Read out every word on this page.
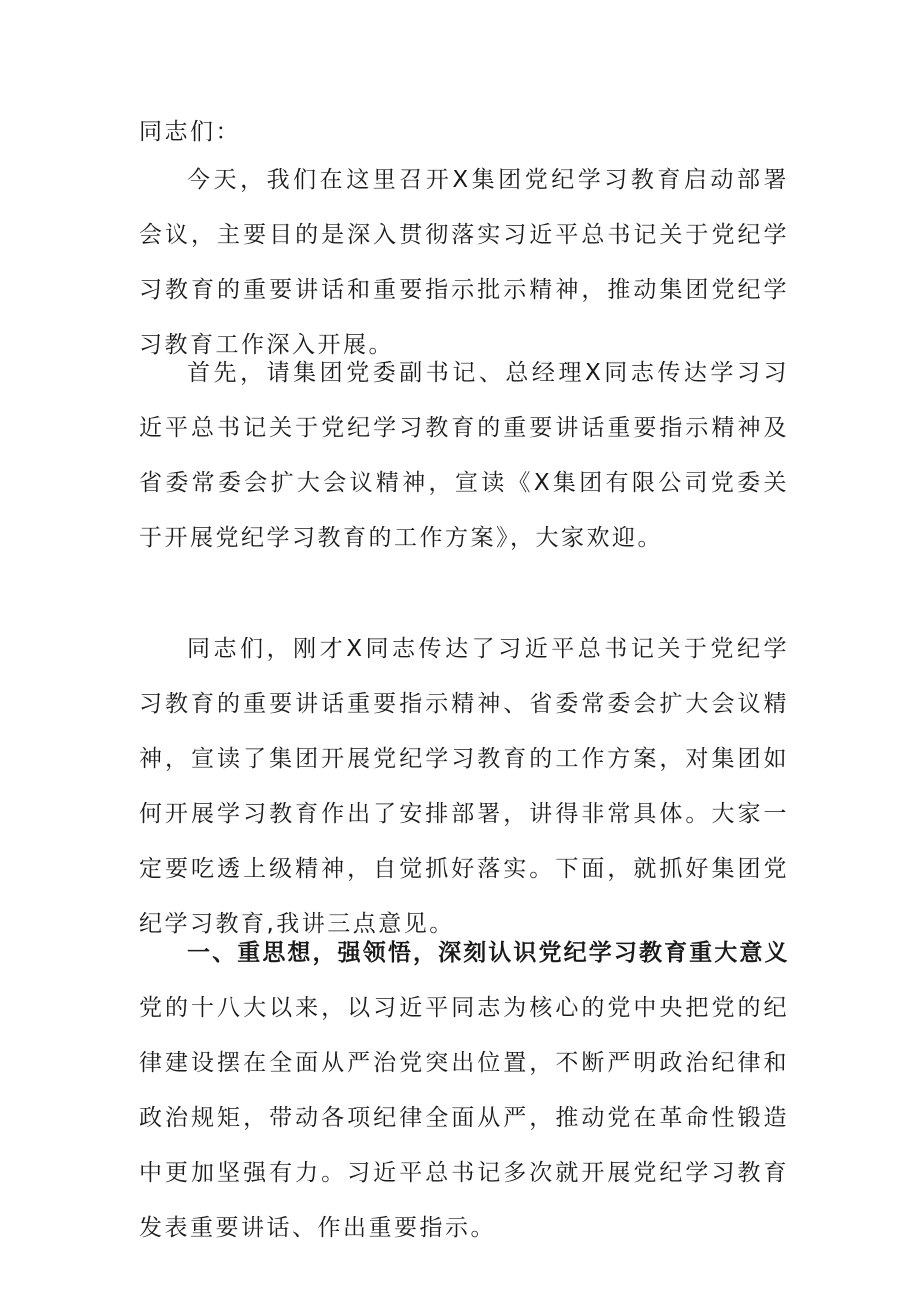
同志们：

今天，我们在这里召开X集团党纪学习教育启动部署会议，主要目的是深入贯彻落实习近平总书记关于党纪学习教育的重要讲话和重要指示批示精神，推动集团党纪学习教育工作深入开展。

首先，请集团党委副书记、总经理X同志传达学习习近平总书记关于党纪学习教育的重要讲话重要指示精神及省委常委会扩大会议精神，宣读《X集团有限公司党委关于开展党纪学习教育的工作方案》，大家欢迎。

同志们，刚才X同志传达了习近平总书记关于党纪学习教育的重要讲话重要指示精神、省委常委会扩大会议精神，宣读了集团开展党纪学习教育的工作方案，对集团如何开展学习教育作出了安排部署，讲得非常具体。大家一定要吃透上级精神，自觉抓好落实。下面，就抓好集团党纪学习教育,我讲三点意见。

一、重思想，强领悟，深刻认识党纪学习教育重大意义党的十八大以来，以习近平同志为核心的党中央把党的纪律建设摆在全面从严治党突出位置，不断严明政治纪律和政治规矩，带动各项纪律全面从严，推动党在革命性锻造中更加坚强有力。习近平总书记多次就开展党纪学习教育发表重要讲话、作出重要指示。
